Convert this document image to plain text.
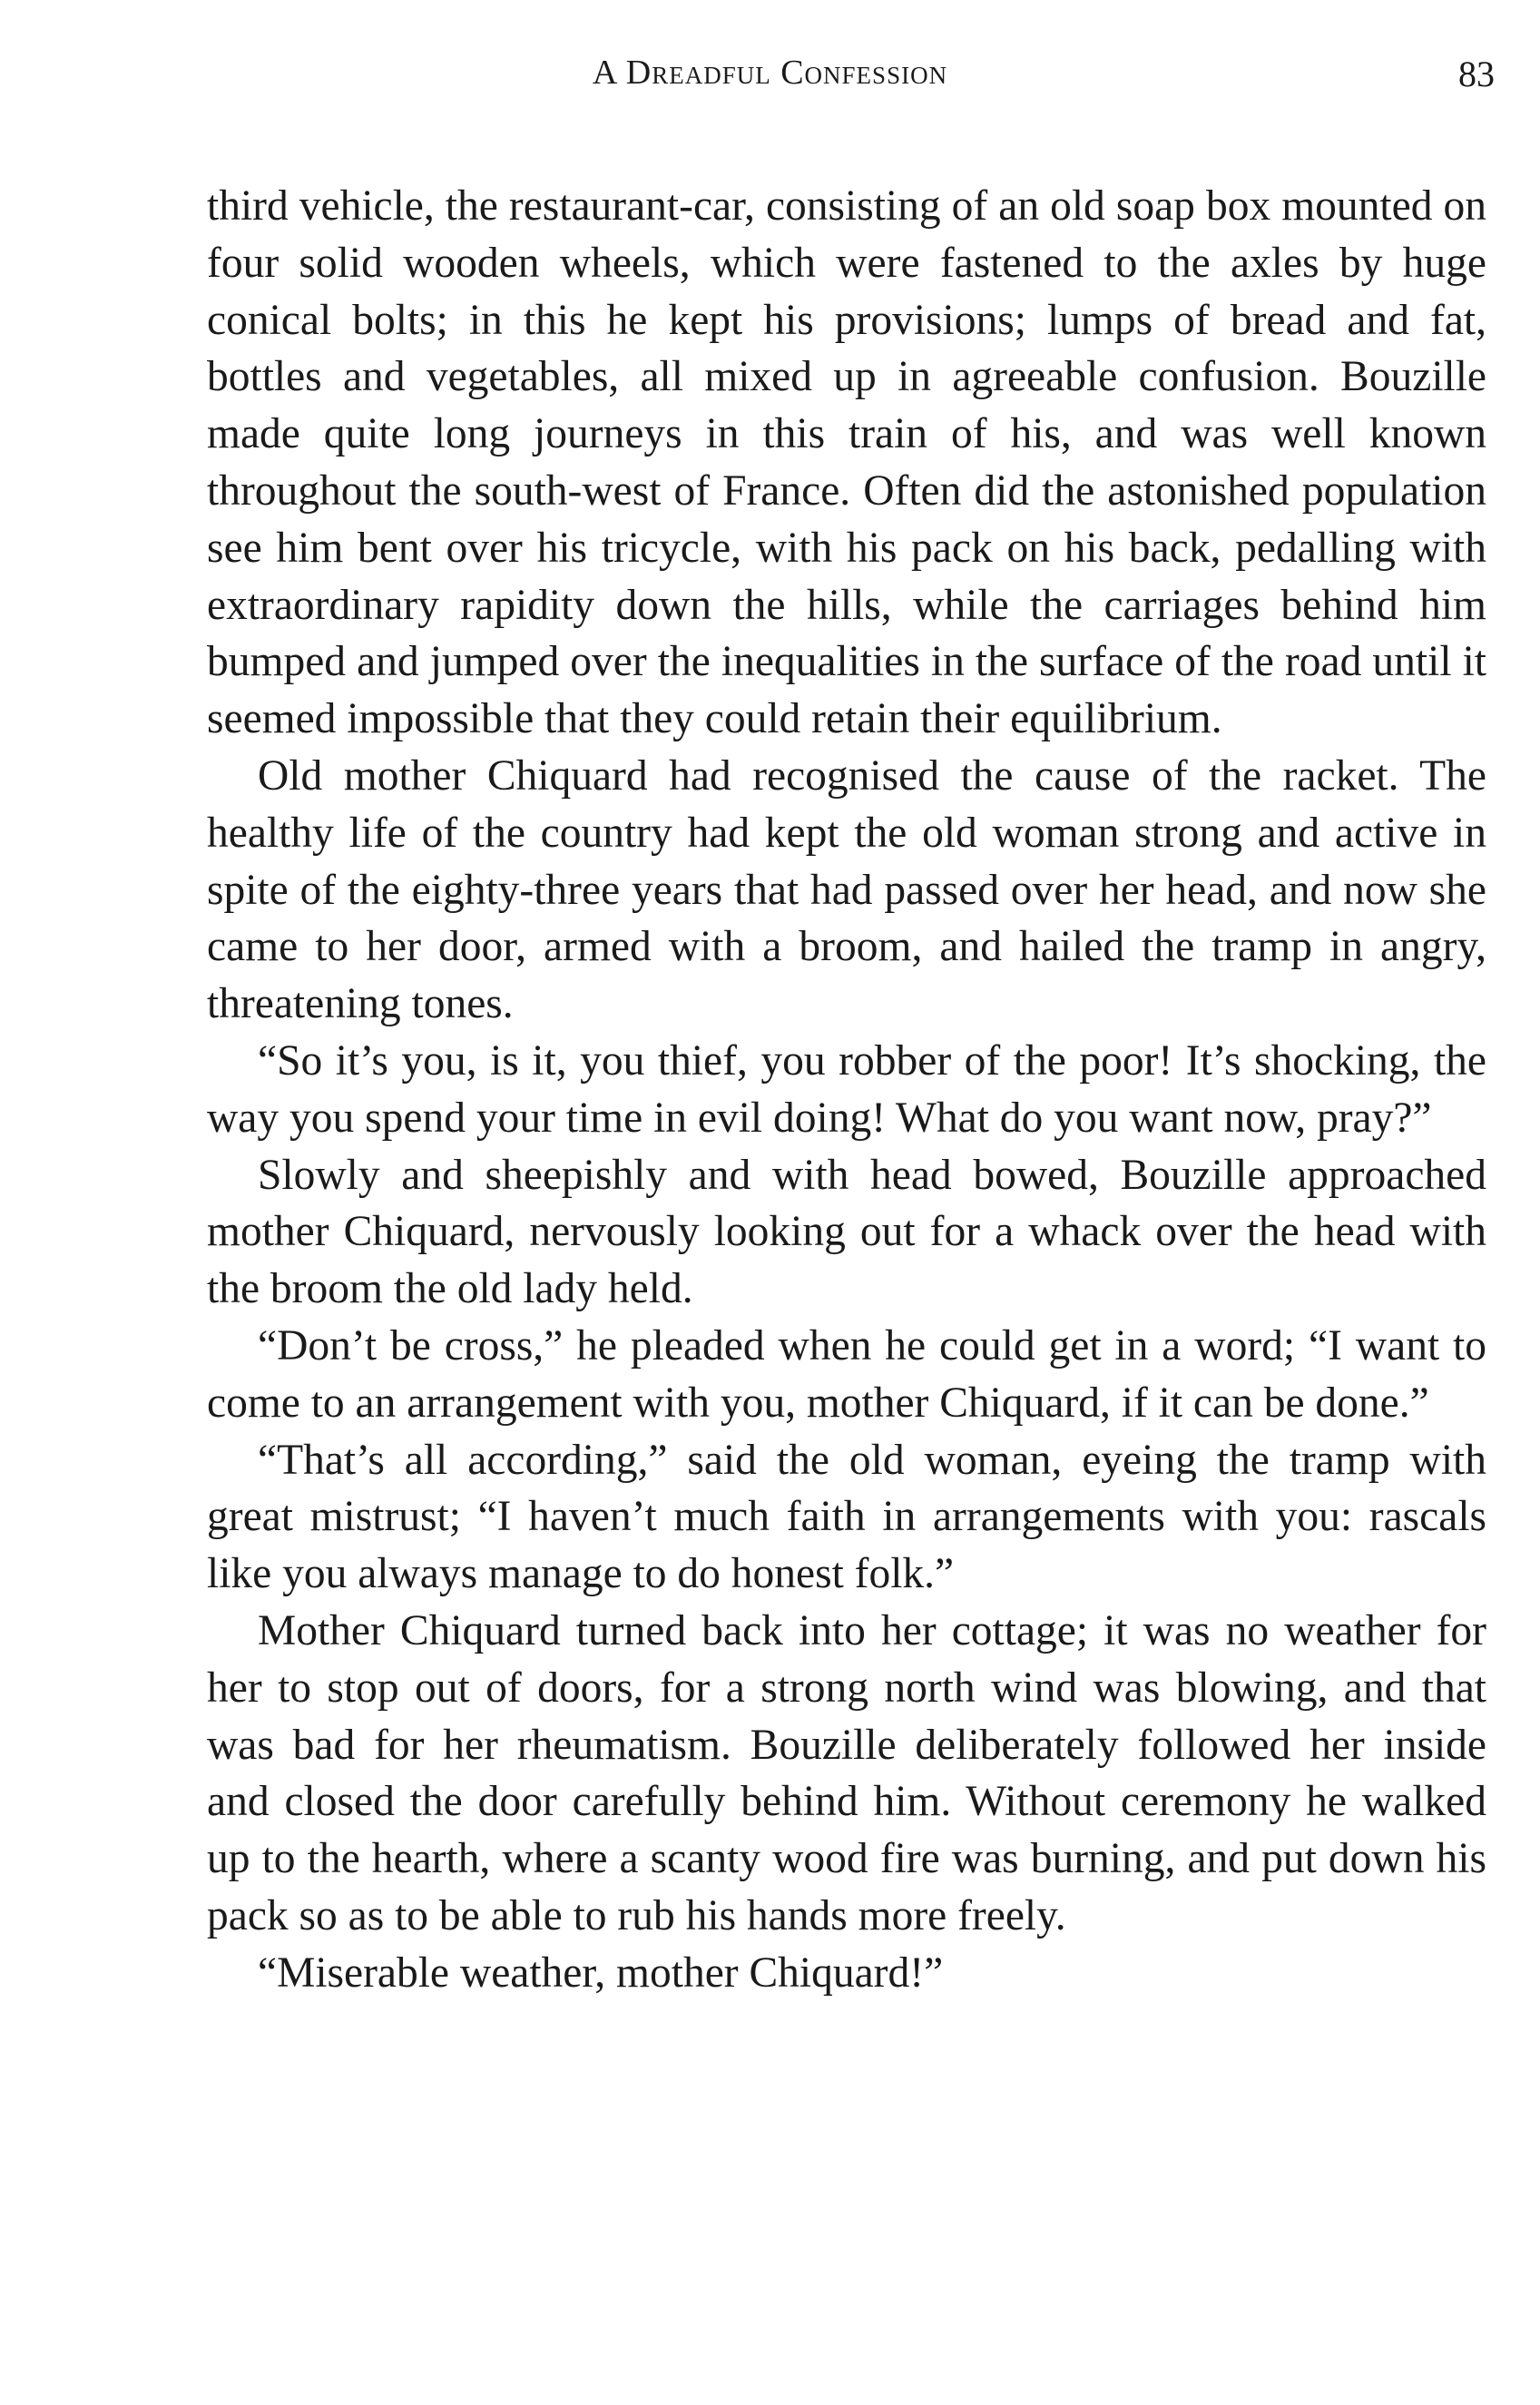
A Dreadful Confession	83

third vehicle, the restaurant-car, consisting of an old soap box mounted on four solid wooden wheels, which were fastened to the axles by huge conical bolts; in this he kept his provisions; lumps of bread and fat, bottles and vegetables, all mixed up in agreeable confusion. Bouzille made quite long journeys in this train of his, and was well known throughout the south-west of France. Often did the astonished population see him bent over his tricycle, with his pack on his back, pedalling with extraordinary rapidity down the hills, while the carriages behind him bumped and jumped over the inequalities in the surface of the road until it seemed impossible that they could retain their equilibrium.

Old mother Chiquard had recognised the cause of the racket. The healthy life of the country had kept the old woman strong and active in spite of the eighty-three years that had passed over her head, and now she came to her door, armed with a broom, and hailed the tramp in angry, threatening tones.

“So it’s you, is it, you thief, you robber of the poor! It’s shocking, the way you spend your time in evil doing! What do you want now, pray?”

Slowly and sheepishly and with head bowed, Bouzille approached mother Chiquard, nervously looking out for a whack over the head with the broom the old lady held.

“Don’t be cross,” he pleaded when he could get in a word; “I want to come to an arrangement with you, mother Chiquard, if it can be done.”

“That’s all according,” said the old woman, eyeing the tramp with great mistrust; “I haven’t much faith in arrangements with you: rascals like you always manage to do honest folk.”

Mother Chiquard turned back into her cottage; it was no weather for her to stop out of doors, for a strong north wind was blowing, and that was bad for her rheumatism. Bouzille deliberately followed her inside and closed the door carefully behind him. Without ceremony he walked up to the hearth, where a scanty wood fire was burning, and put down his pack so as to be able to rub his hands more freely.

“Miserable weather, mother Chiquard!”
